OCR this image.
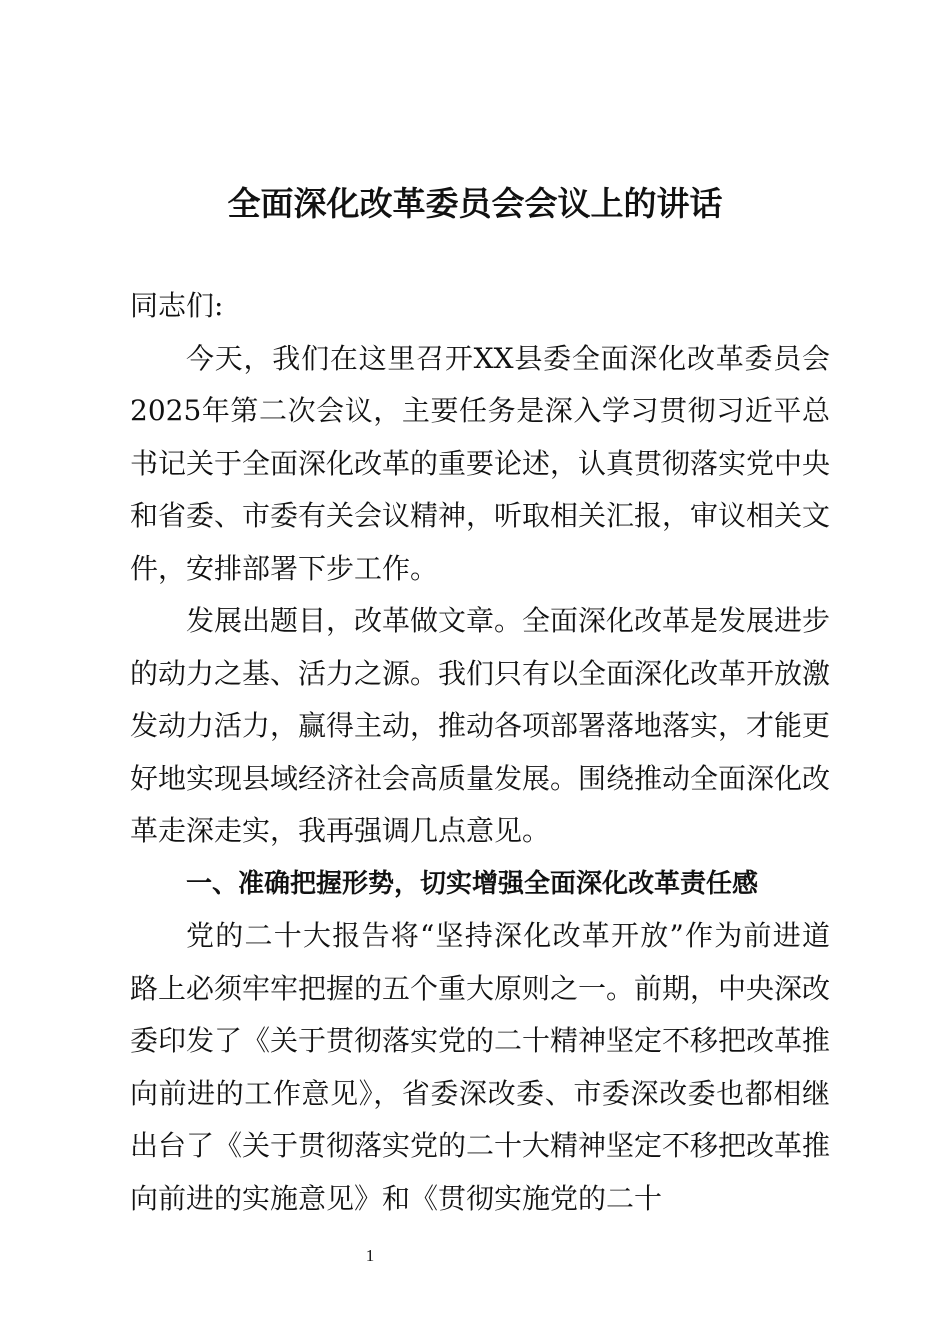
全面深化改革委员会会议上的讲话

同志们:

今天，我们在这里召开XX县委全面深化改革委员会2025年第二次会议，主要任务是深入学习贯彻习近平总书记关于全面深化改革的重要论述，认真贯彻落实党中央和省委、市委有关会议精神，听取相关汇报，审议相关文件，安排部署下步工作。

发展出题目，改革做文章。全面深化改革是发展进步的动力之基、活力之源。我们只有以全面深化改革开放激发动力活力，赢得主动，推动各项部署落地落实，才能更好地实现县域经济社会高质量发展。围绕推动全面深化改革走深走实，我再强调几点意见。

一、准确把握形势，切实增强全面深化改革责任感

党的二十大报告将“坚持深化改革开放”作为前进道路上必须牢牢把握的五个重大原则之一。前期，中央深改委印发了《关于贯彻落实党的二十精神坚定不移把改革推向前进的工作意见》，省委深改委、市委深改委也都相继出台了《关于贯彻落实党的二十大精神坚定不移把改革推向前进的实施意见》和《贯彻实施党的二十

1
